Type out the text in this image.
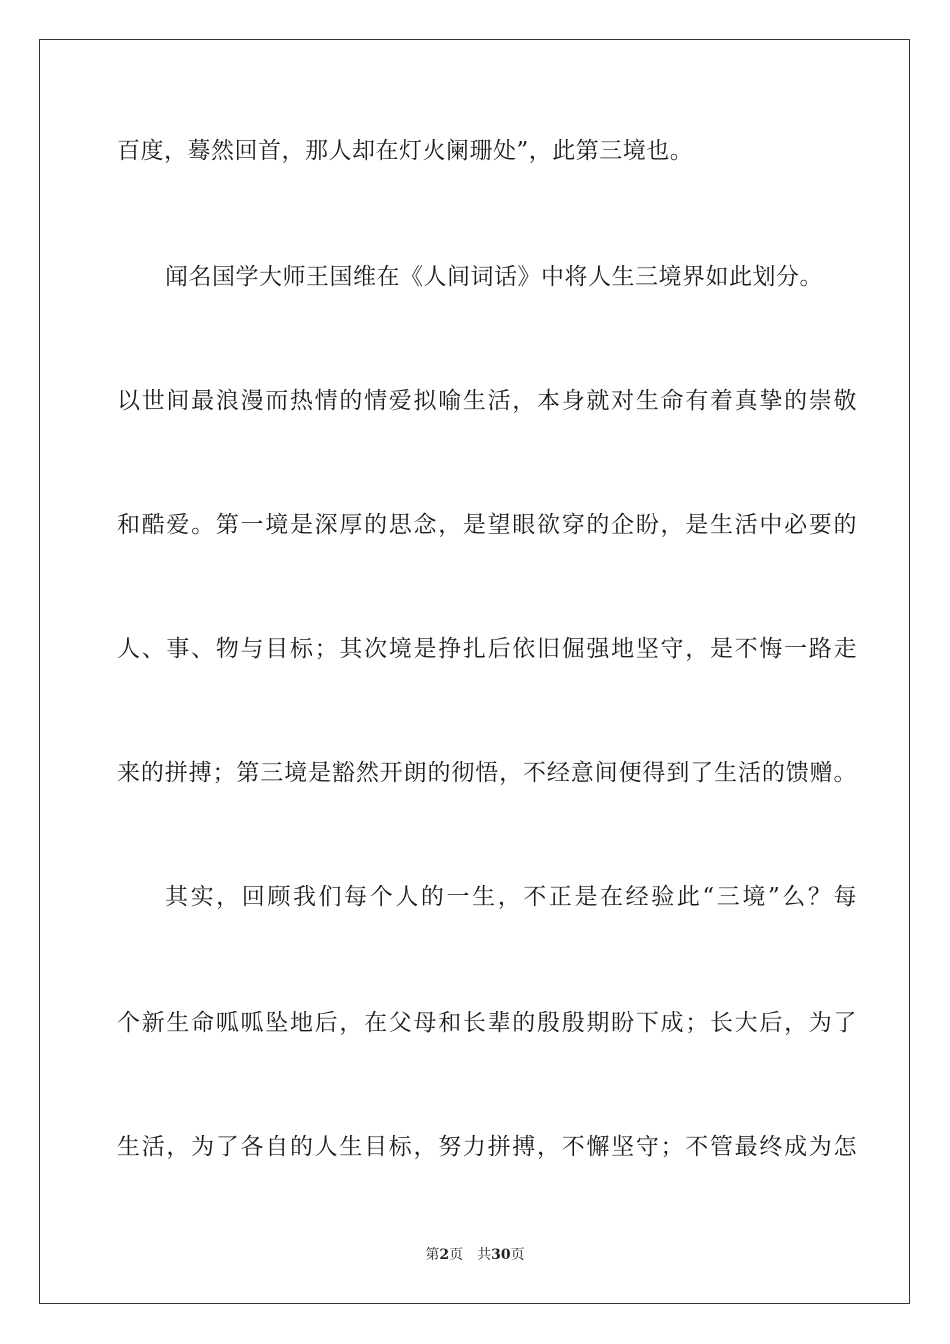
百度，蓦然回首，那人却在灯火阑珊处”，此第三境也。
闻名国学大师王国维在《人间词话》中将人生三境界如此划分。
以世间最浪漫而热情的情爱拟喻生活，本身就对生命有着真挚的崇敬
和酷爱。第一境是深厚的思念，是望眼欲穿的企盼，是生活中必要的
人、事、物与目标；其次境是挣扎后依旧倔强地坚守，是不悔一路走
来的拼搏；第三境是豁然开朗的彻悟，不经意间便得到了生活的馈赠。
其实，回顾我们每个人的一生，不正是在经验此“三境”么？每
个新生命呱呱坠地后，在父母和长辈的殷殷期盼下成；长大后，为了
生活，为了各自的人生目标，努力拼搏，不懈坚守；不管最终成为怎
第2页 共30页
